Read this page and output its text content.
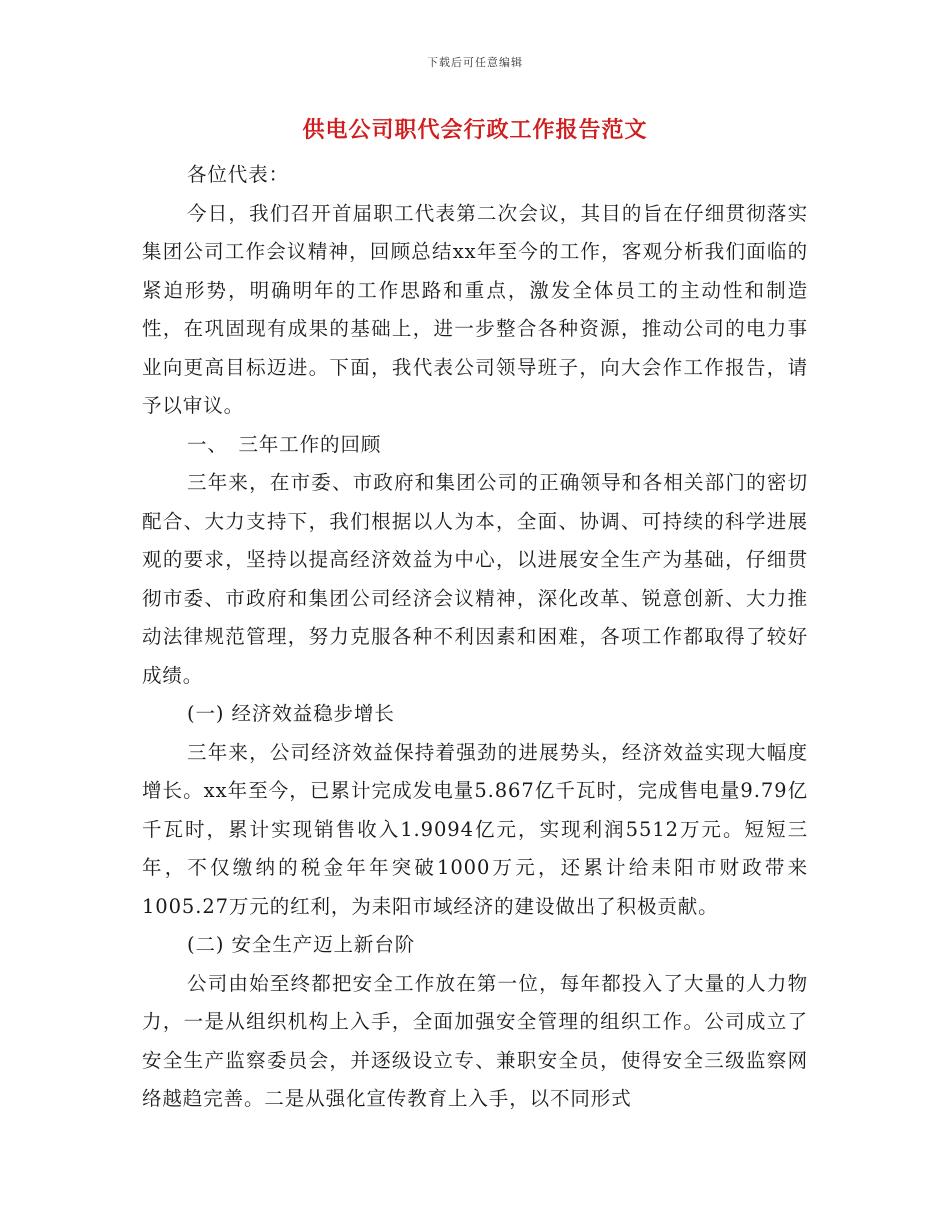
下载后可任意编辑
供电公司职代会行政工作报告范文

各位代表：

今日，我们召开首届职工代表第二次会议，其目的旨在仔细贯彻落实集团公司工作会议精神，回顾总结xx年至今的工作，客观分析我们面临的紧迫形势，明确明年的工作思路和重点，激发全体员工的主动性和制造性，在巩固现有成果的基础上，进一步整合各种资源，推动公司的电力事业向更高目标迈进。下面，我代表公司领导班子，向大会作工作报告，请予以审议。

一、　三年工作的回顾

三年来，在市委、市政府和集团公司的正确领导和各相关部门的密切配合、大力支持下，我们根据以人为本，全面、协调、可持续的科学进展观的要求，坚持以提高经济效益为中心，以进展安全生产为基础，仔细贯彻市委、市政府和集团公司经济会议精神，深化改革、锐意创新、大力推动法律规范管理，努力克服各种不利因素和困难，各项工作都取得了较好成绩。

(一) 经济效益稳步增长

三年来，公司经济效益保持着强劲的进展势头，经济效益实现大幅度增长。xx年至今，已累计完成发电量5.867亿千瓦时，完成售电量9.79亿千瓦时，累计实现销售收入1.9094亿元，实现利润5512万元。短短三年，不仅缴纳的税金年年突破1000万元，还累计给耒阳市财政带来1005.27万元的红利，为耒阳市域经济的建设做出了积极贡献。

(二) 安全生产迈上新台阶

公司由始至终都把安全工作放在第一位，每年都投入了大量的人力物力，一是从组织机构上入手，全面加强安全管理的组织工作。公司成立了安全生产监察委员会，并逐级设立专、兼职安全员，使得安全三级监察网络越趋完善。二是从强化宣传教育上入手，以不同形式
